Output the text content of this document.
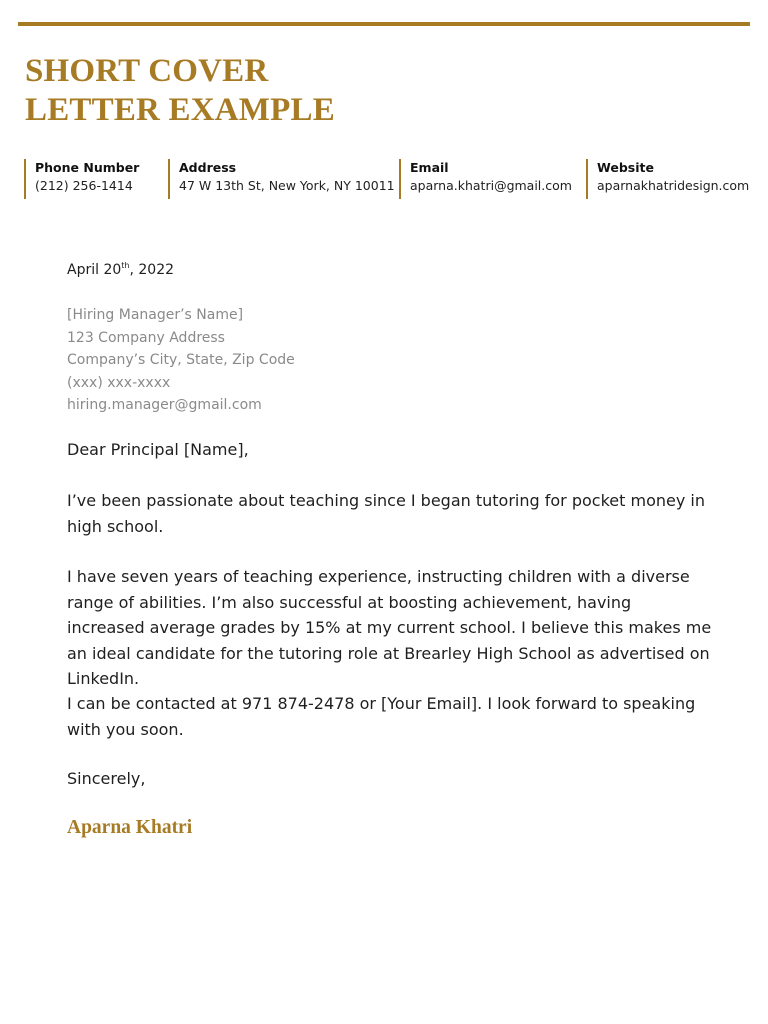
SHORT COVER
LETTER EXAMPLE
Phone Number
(212) 256-1414
Address
47 W 13th St, New York, NY 10011
Email
aparna.khatri@gmail.com
Website
aparnakhatridesign.com
April 20th, 2022
[Hiring Manager’s Name]
123 Company Address
Company’s City, State, Zip Code
(xxx) xxx-xxxx
hiring.manager@gmail.com

Dear Principal [Name],

I’ve been passionate about teaching since I began tutoring for pocket money in high school.

I have seven years of teaching experience, instructing children with a diverse range of abilities. I’m also successful at boosting achievement, having increased average grades by 15% at my current school. I believe this makes me an ideal candidate for the tutoring role at Brearley High School as advertised on LinkedIn.

I can be contacted at 971 874-2478 or [Your Email]. I look forward to speaking with you soon.

Sincerely,

Aparna Khatri
